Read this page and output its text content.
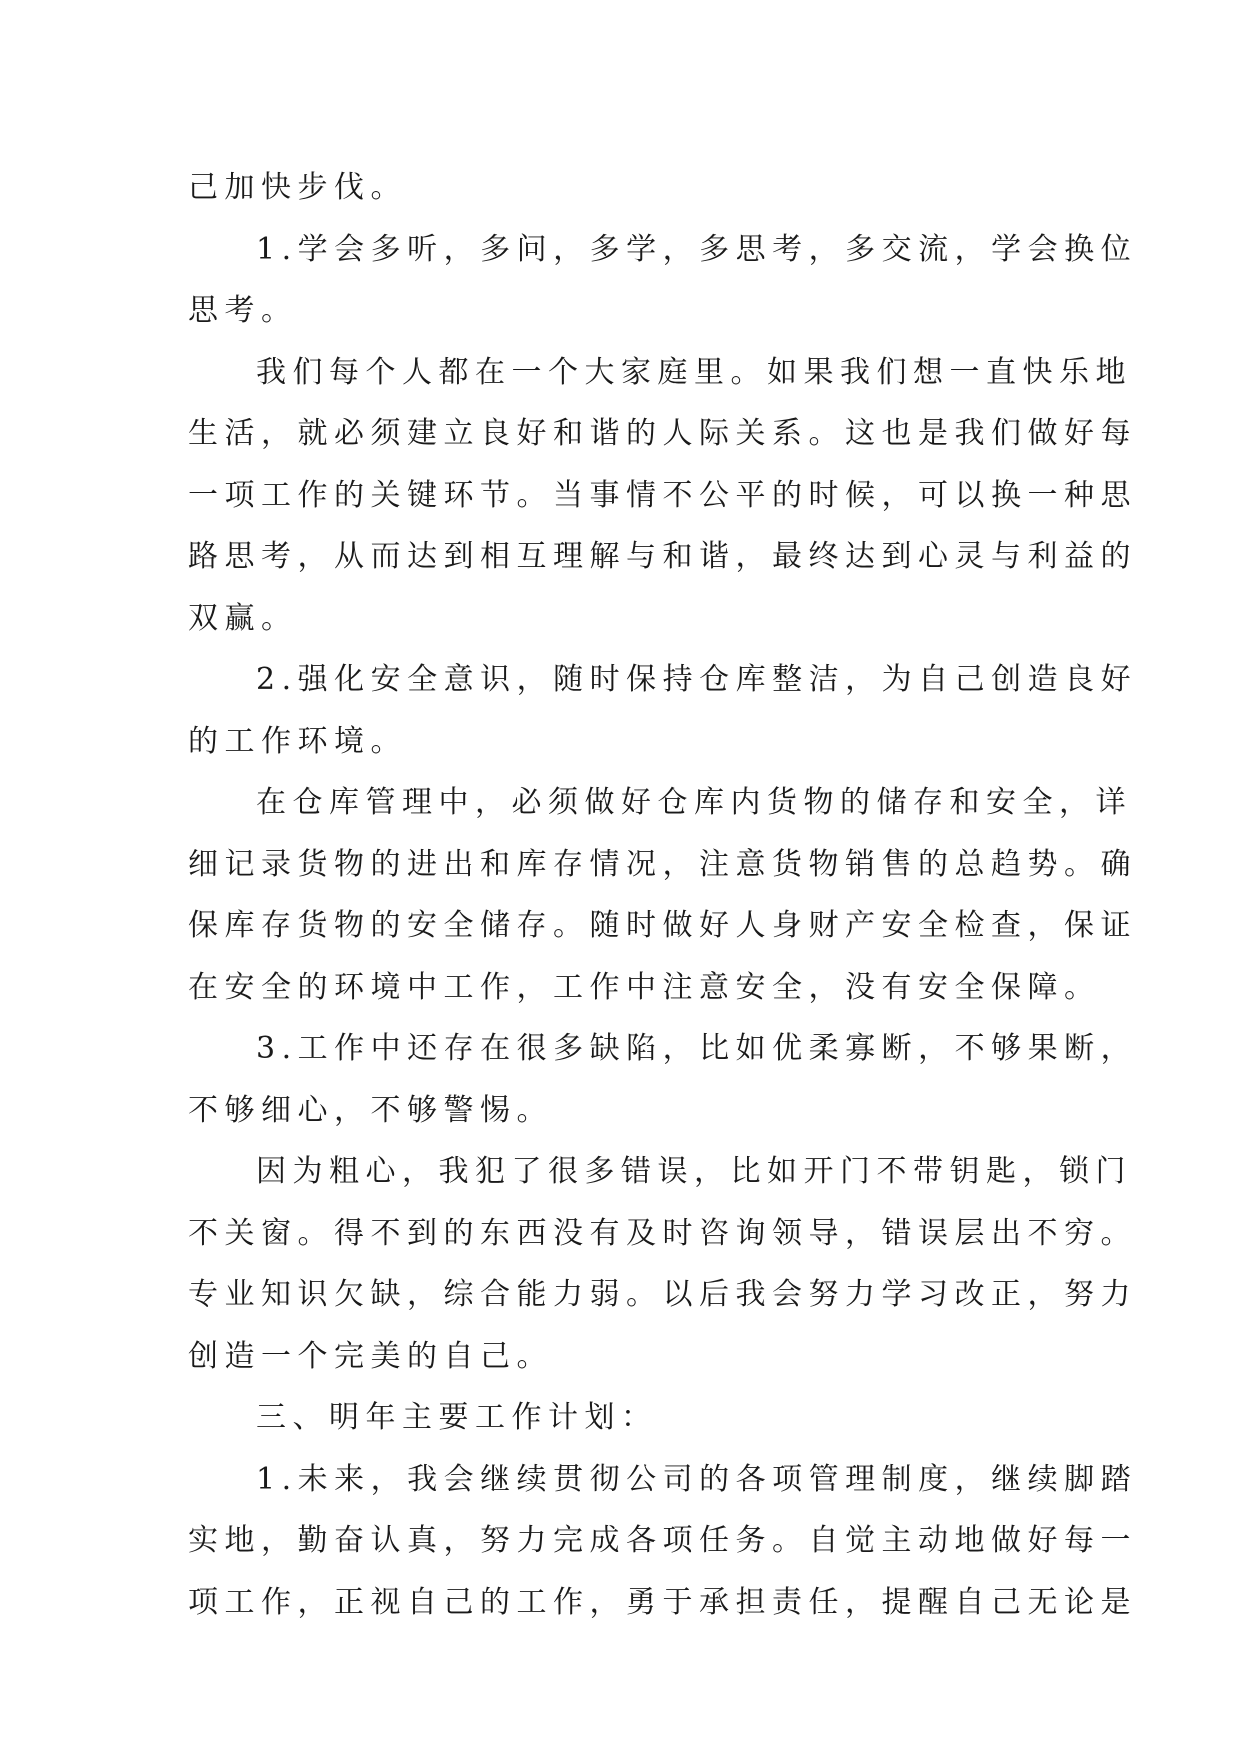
己加快步伐。
1.学会多听，多问，多学，多思考，多交流，学会换位
思考。
我们每个人都在一个大家庭里。如果我们想一直快乐地
生活，就必须建立良好和谐的人际关系。这也是我们做好每
一项工作的关键环节。当事情不公平的时候，可以换一种思
路思考，从而达到相互理解与和谐，最终达到心灵与利益的
双赢。
2.强化安全意识，随时保持仓库整洁，为自己创造良好
的工作环境。
在仓库管理中，必须做好仓库内货物的储存和安全，详
细记录货物的进出和库存情况，注意货物销售的总趋势。确
保库存货物的安全储存。随时做好人身财产安全检查，保证
在安全的环境中工作，工作中注意安全，没有安全保障。
3.工作中还存在很多缺陷，比如优柔寡断，不够果断，
不够细心，不够警惕。
因为粗心，我犯了很多错误，比如开门不带钥匙，锁门
不关窗。得不到的东西没有及时咨询领导，错误层出不穷。
专业知识欠缺，综合能力弱。以后我会努力学习改正，努力
创造一个完美的自己。
三、明年主要工作计划：
1.未来，我会继续贯彻公司的各项管理制度，继续脚踏
实地，勤奋认真，努力完成各项任务。自觉主动地做好每一
项工作，正视自己的工作，勇于承担责任，提醒自己无论是
